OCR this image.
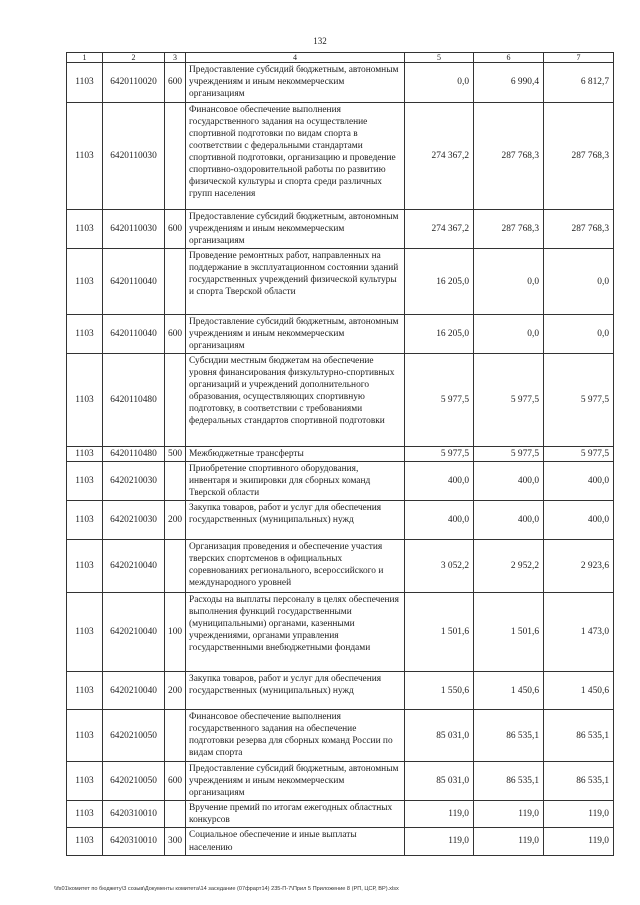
132
1	2	3	4	5	6	7
1103	6420110020	600	Предоставление субсидий бюджетным, автономным учреждениям и иным некоммерческим организациям	0,0	6 990,4	6 812,7
1103	6420110030		Финансовое обеспечение выполнения государственного задания на осуществление спортивной подготовки по видам спорта в соответствии с федеральными стандартами спортивной подготовки, организацию и проведение спортивно-оздоровительной работы по развитию физической культуры и спорта среди различных групп населения	274 367,2	287 768,3	287 768,3
1103	6420110030	600	Предоставление субсидий бюджетным, автономным учреждениям и иным некоммерческим организациям	274 367,2	287 768,3	287 768,3
1103	6420110040		Проведение ремонтных работ, направленных на поддержание в эксплуатационном состоянии зданий государственных учреждений физической культуры и спорта Тверской области	16 205,0	0,0	0,0
1103	6420110040	600	Предоставление субсидий бюджетным, автономным учреждениям и иным некоммерческим организациям	16 205,0	0,0	0,0
1103	6420110480		Субсидии местным бюджетам на обеспечение уровня финансирования физкультурно-спортивных организаций и учреждений дополнительного образования, осуществляющих спортивную подготовку, в соответствии с требованиями федеральных стандартов спортивной подготовки	5 977,5	5 977,5	5 977,5
1103	6420110480	500	Межбюджетные трансферты	5 977,5	5 977,5	5 977,5
1103	6420210030		Приобретение спортивного оборудования, инвентаря и экипировки для сборных команд Тверской области	400,0	400,0	400,0
1103	6420210030	200	Закупка товаров, работ и услуг для обеспечения государственных (муниципальных) нужд	400,0	400,0	400,0
1103	6420210040		Организация проведения и обеспечение участия тверских спортсменов в официальных соревнованиях регионального, всероссийского и международного уровней	3 052,2	2 952,2	2 923,6
1103	6420210040	100	Расходы на выплаты персоналу в целях обеспечения выполнения функций государственными (муниципальными) органами, казенными учреждениями, органами управления государственными внебюджетными фондами	1 501,6	1 501,6	1 473,0
1103	6420210040	200	Закупка товаров, работ и услуг для обеспечения государственных (муниципальных) нужд	1 550,6	1 450,6	1 450,6
1103	6420210050		Финансовое обеспечение выполнения государственного задания на обеспечение подготовки резерва для сборных команд России по видам спорта	85 031,0	86 535,1	86 535,1
1103	6420210050	600	Предоставление субсидий бюджетным, автономным учреждениям и иным некоммерческим организациям	85 031,0	86 535,1	86 535,1
1103	6420310010		Вручение премий по итогам ежегодных областных конкурсов	119,0	119,0	119,0
1103	6420310010	300	Социальное обеспечение и иные выплаты населению	119,0	119,0	119,0
\\fs01\комитет по бюджету\3 созыв\Документы комитета\14 заседание (07фрарт14) 235-П-7\Прил 5 Приложение 8 (РП, ЦСР, ВР).xlsx
